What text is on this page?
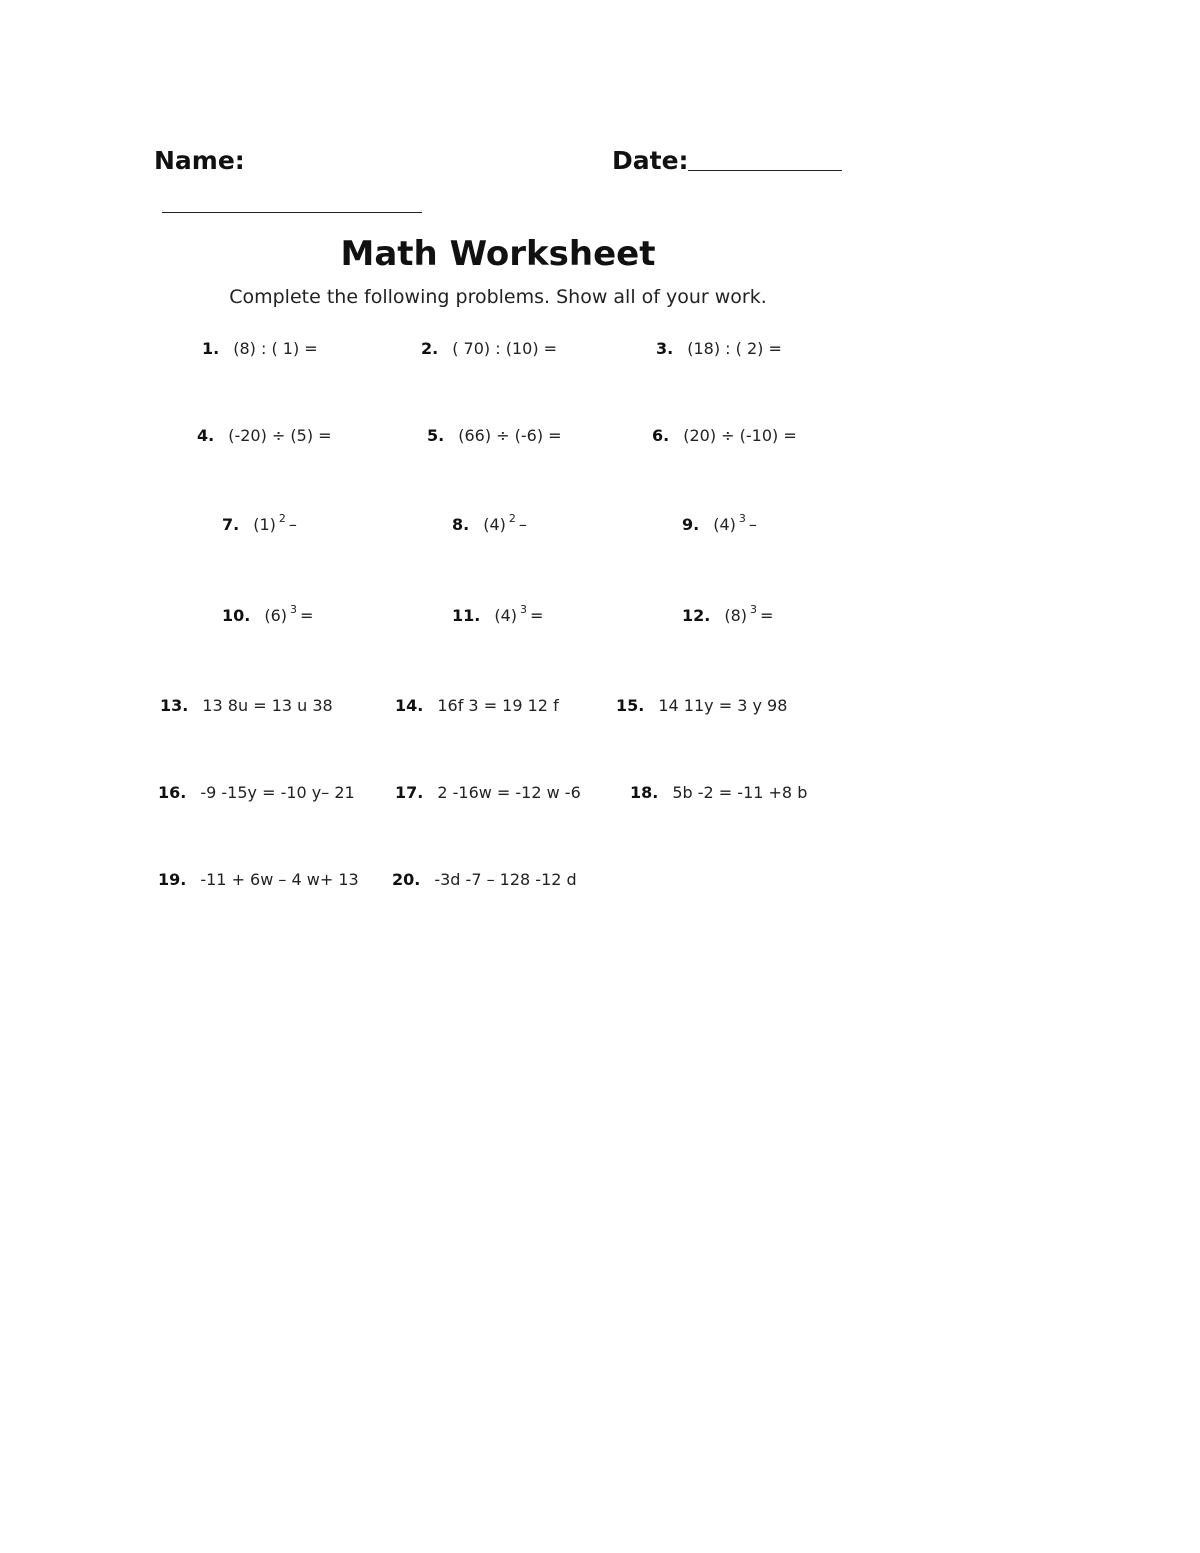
Name:	Date:
Math Worksheet
Complete the following problems. Show all of your work.
1. (8) : ( 1) =	2. ( 70) : (10) =	3. (18) : ( 2) =
4. (-20) ÷ (5) =	5. (66) ÷ (-6) =	6. (20) ÷ (-10) =
7. (1) $^2$ –	8. (4) $^2$ –	9. (4) $^3$ –
10. (6) $^3$ =	11. (4) $^3$ =	12. (8) $^3$ =
13. 13 8u = 13 u 38	14. 16f 3 = 19 12 f	15. 14 11y = 3 y 98
16. -9 -15y = -10 y– 21	17. 2 -16w = -12 w -6	18. 5b -2 = -11 +8 b
19. -11 + 6w – 4 w+ 13 20. -3d -7 – 128 -12 d
